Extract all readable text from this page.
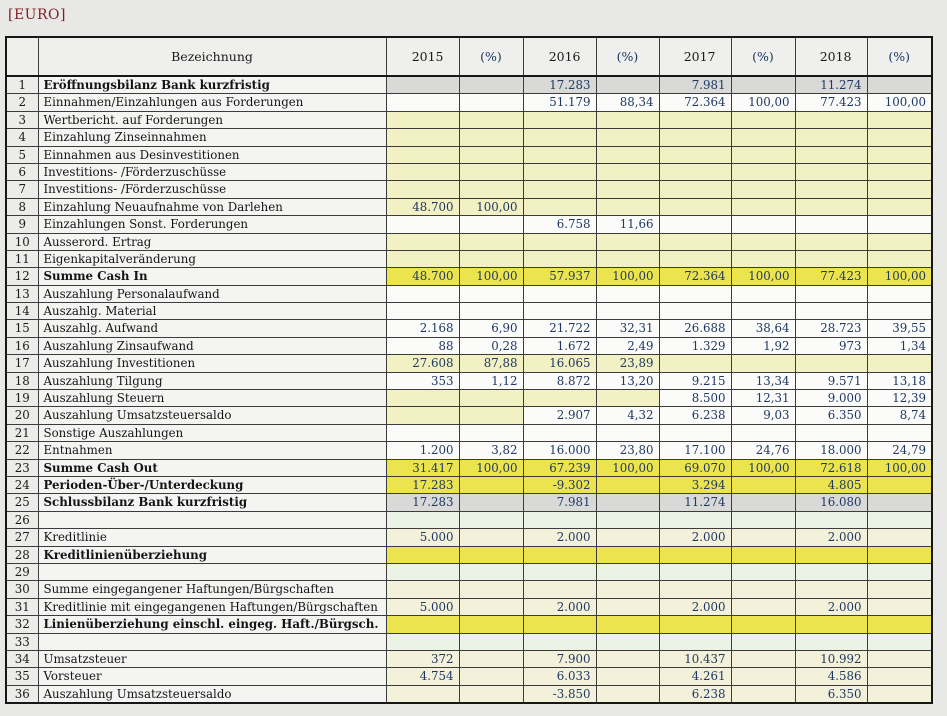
[EURO]
	Bezeichnung	2015	(%)	2016	(%)	2017	(%)	2018	(%)
1	Eröffnungsbilanz Bank kurzfristig			17.283		7.981		11.274	
2	Einnahmen/Einzahlungen aus Forderungen			51.179	88,34	72.364	100,00	77.423	100,00
3	Wertbericht. auf Forderungen								
4	Einzahlung Zinseinnahmen								
5	Einnahmen aus Desinvestitionen								
6	Investitions- /Förderzuschüsse								
7	Investitions- /Förderzuschüsse								
8	Einzahlung Neuaufnahme von Darlehen	48.700	100,00						
9	Einzahlungen Sonst. Forderungen			6.758	11,66				
10	Ausserord. Ertrag								
11	Eigenkapitalveränderung								
12	Summe Cash In	48.700	100,00	57.937	100,00	72.364	100,00	77.423	100,00
13	Auszahlung Personalaufwand								
14	Auszahlg. Material								
15	Auszahlg. Aufwand	2.168	6,90	21.722	32,31	26.688	38,64	28.723	39,55
16	Auszahlung Zinsaufwand	88	0,28	1.672	2,49	1.329	1,92	973	1,34
17	Auszahlung Investitionen	27.608	87,88	16.065	23,89				
18	Auszahlung Tilgung	353	1,12	8.872	13,20	9.215	13,34	9.571	13,18
19	Auszahlung Steuern					8.500	12,31	9.000	12,39
20	Auszahlung Umsatzsteuersaldo			2.907	4,32	6.238	9,03	6.350	8,74
21	Sonstige Auszahlungen								
22	Entnahmen	1.200	3,82	16.000	23,80	17.100	24,76	18.000	24,79
23	Summe Cash Out	31.417	100,00	67.239	100,00	69.070	100,00	72.618	100,00
24	Perioden-Über-/Unterdeckung	17.283		-9.302		3.294		4.805	
25	Schlussbilanz Bank kurzfristig	17.283		7.981		11.274		16.080	
26									
27	Kreditlinie	5.000		2.000		2.000		2.000	
28	Kreditlinienüberziehung								
29									
30	Summe eingegangener Haftungen/Bürgschaften								
31	Kreditlinie mit eingegangenen Haftungen/Bürgschaften	5.000		2.000		2.000		2.000	
32	Linienüberziehung einschl. eingeg. Haft./Bürgsch.								
33									
34	Umsatzsteuer	372		7.900		10.437		10.992	
35	Vorsteuer	4.754		6.033		4.261		4.586	
36	Auszahlung Umsatzsteuersaldo			-3.850		6.238		6.350	
